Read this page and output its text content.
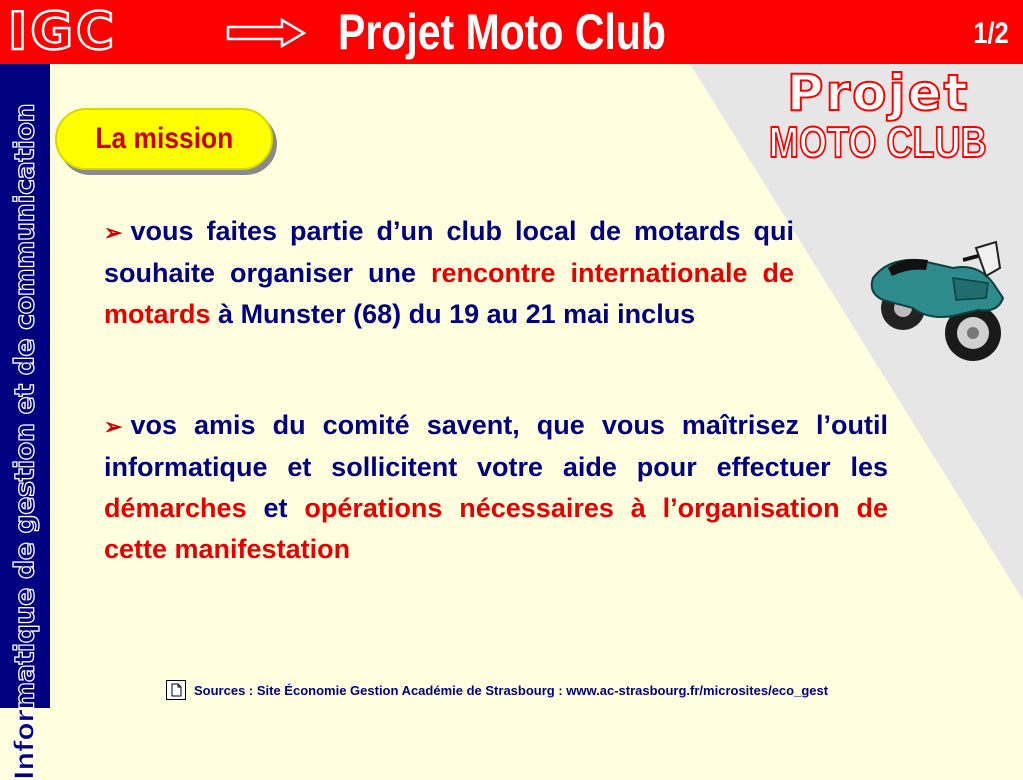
IGC	Projet Moto Club	1/2
Informatique de gestion et de communication
Projet
MOTO CLUB
La mission
➢ vous faites partie d’un club local de motards qui souhaite organiser une rencontre internationale de motards à Munster (68) du 19 au 21 mai inclus
➢ vos amis du comité savent, que vous maîtrisez l’outil informatique et sollicitent votre aide pour effectuer les démarches et opérations nécessaires à l’organisation de cette manifestation
Sources : Site Économie Gestion Académie de Strasbourg : www.ac-strasbourg.fr/microsites/eco_gest
